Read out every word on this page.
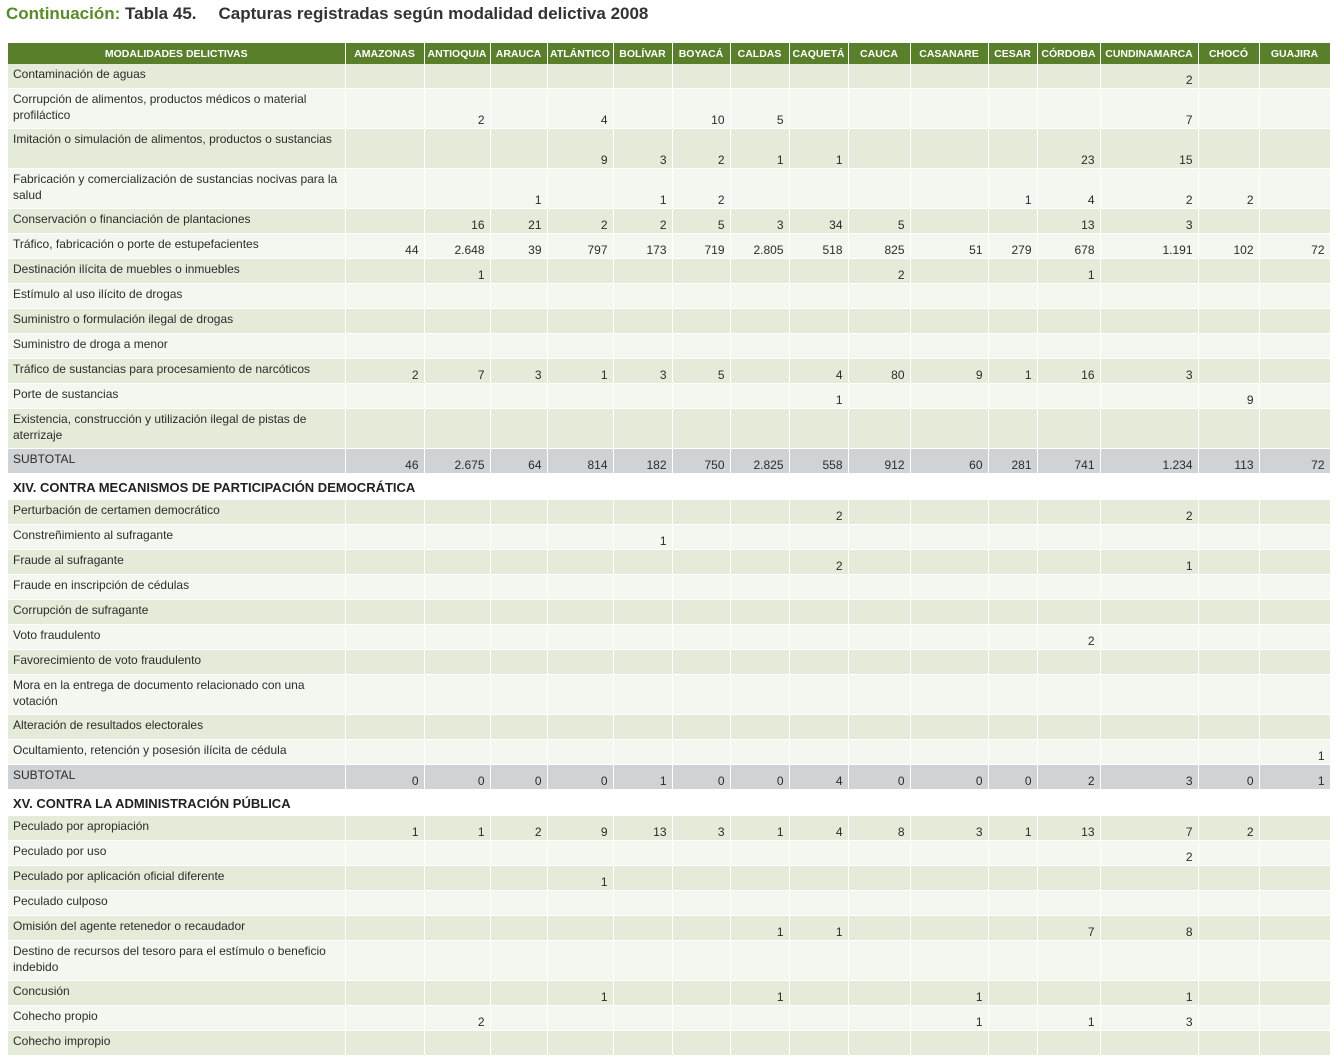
Continuación: Tabla 45. Capturas registradas según modalidad delictiva 2008
MODALIDADES DELICTIVAS	AMAZONAS	ANTIOQUIA	ARAUCA	ATLÁNTICO	BOLÍVAR	BOYACÁ	CALDAS	CAQUETÁ	CAUCA	CASANARE	CESAR	CÓRDOBA	CUNDINAMARCA	CHOCÓ	GUAJIRA
Contaminación de aguas													2		
Corrupción de alimentos, productos médicos o material profiláctico		2		4		10	5						7		
Imitación o simulación de alimentos, productos o sustancias				9	3	2	1	1				23	15		
Fabricación y comercialización de sustancias nocivas para la salud			1		1	2					1	4	2	2	
Conservación o financiación de plantaciones		16	21	2	2	5	3	34	5			13	3		
Tráfico, fabricación o porte de estupefacientes	44	2.648	39	797	173	719	2.805	518	825	51	279	678	1.191	102	72
Destinación ilícita de muebles o inmuebles		1							2			1			
Estímulo al uso ilícito de drogas															
Suministro o formulación ilegal de drogas															
Suministro de droga a menor															
Tráfico de sustancias para procesamiento de narcóticos	2	7	3	1	3	5		4	80	9	1	16	3		
Porte de sustancias								1						9	
Existencia, construcción y utilización ilegal de pistas de aterrizaje															
SUBTOTAL	46	2.675	64	814	182	750	2.825	558	912	60	281	741	1.234	113	72
XIV. CONTRA MECANISMOS DE PARTICIPACIÓN DEMOCRÁTICA															
Perturbación de certamen democrático								2					2		
Constreñimiento al sufragante					1										
Fraude al sufragante								2					1		
Fraude en inscripción de cédulas															
Corrupción de sufragante															
Voto fraudulento												2			
Favorecimiento de voto fraudulento															
Mora en la entrega de documento relacionado con una votación															
Alteración de resultados electorales															
Ocultamiento, retención y posesión ilícita de cédula															1
SUBTOTAL	0	0	0	0	1	0	0	4	0	0	0	2	3	0	1
XV. CONTRA LA ADMINISTRACIÓN PÚBLICA															
Peculado por apropiación	1	1	2	9	13	3	1	4	8	3	1	13	7	2	
Peculado por uso													2		
Peculado por aplicación oficial diferente				1											
Peculado culposo															
Omisión del agente retenedor o recaudador							1	1				7	8		
Destino de recursos del tesoro para el estímulo o beneficio indebido															
Concusión				1			1			1			1		
Cohecho propio		2								1		1	3		
Cohecho impropio															
